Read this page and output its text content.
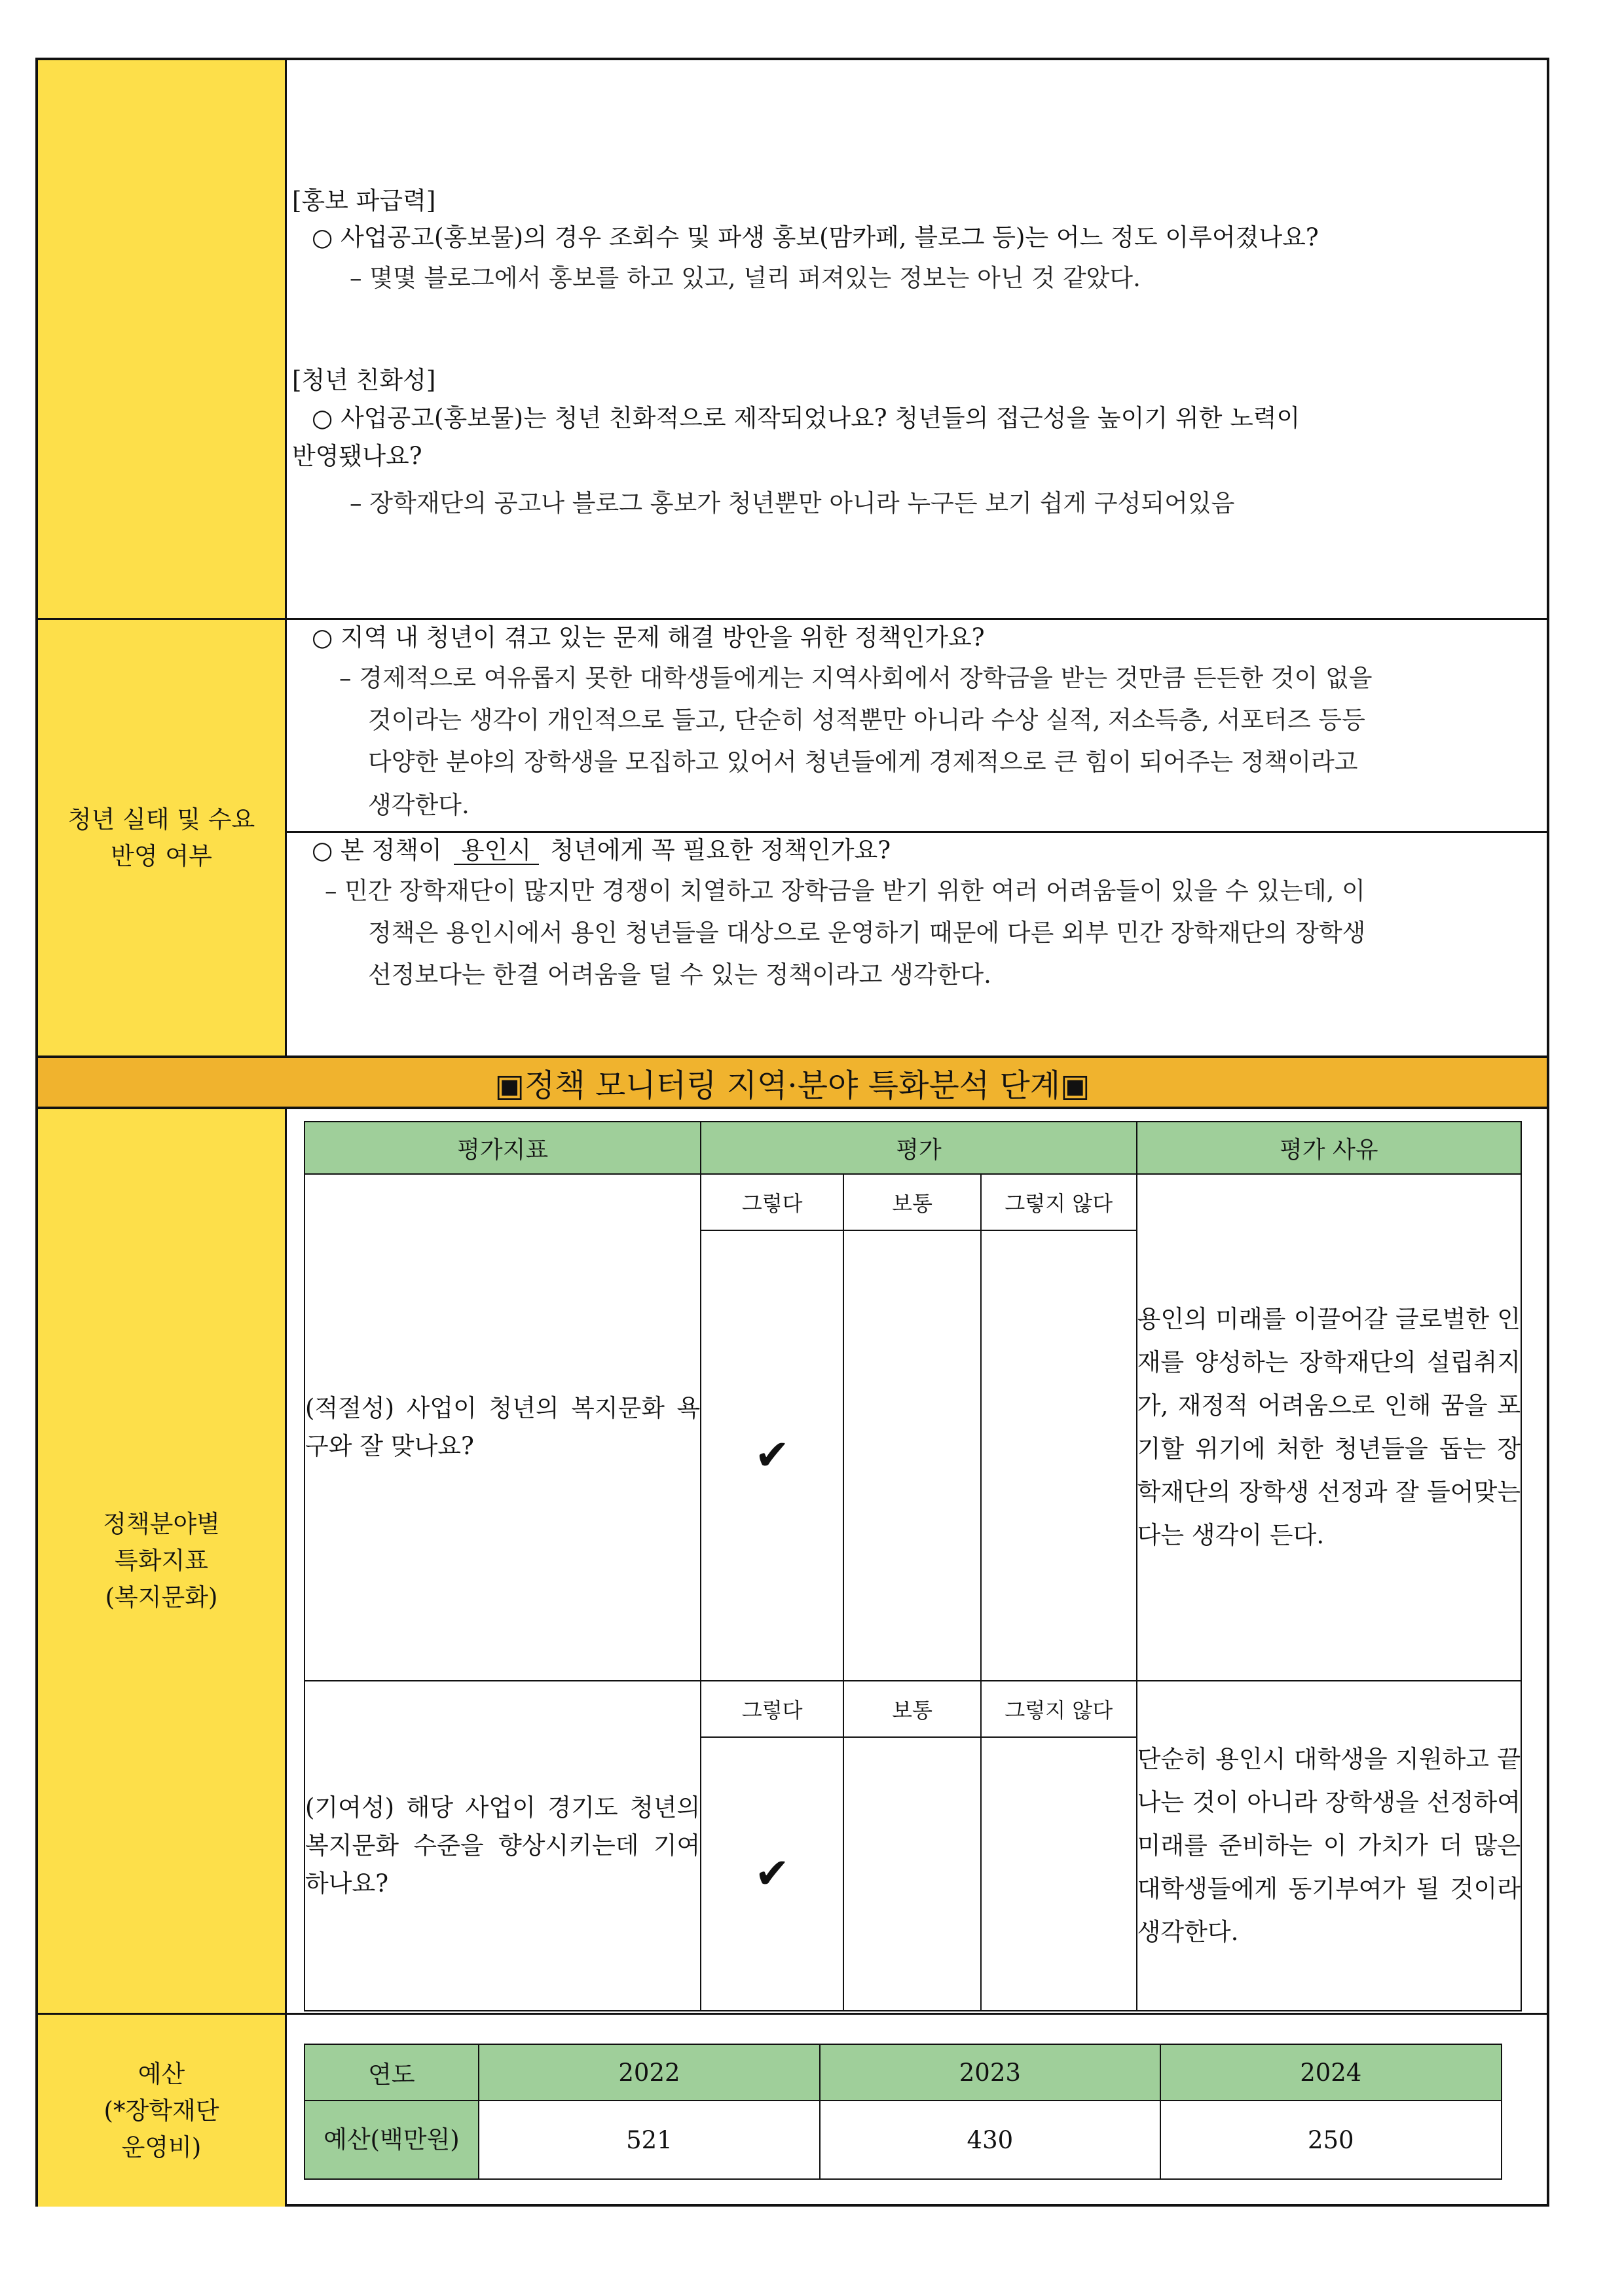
[홍보 파급력]
○ 사업공고(홍보물)의 경우 조회수 및 파생 홍보(맘카페, 블로그 등)는 어느 정도 이루어졌나요?
– 몇몇 블로그에서 홍보를 하고 있고, 널리 퍼져있는 정보는 아닌 것 같았다.
[청년 친화성]
○ 사업공고(홍보물)는 청년 친화적으로 제작되었나요? 청년들의 접근성을 높이기 위한 노력이
반영됐나요?
– 장학재단의 공고나 블로그 홍보가 청년뿐만 아니라 누구든 보기 쉽게 구성되어있음
청년 실태 및 수요
반영 여부
○ 지역 내 청년이 겪고 있는 문제 해결 방안을 위한 정책인가요?
– 경제적으로 여유롭지 못한 대학생들에게는 지역사회에서 장학금을 받는 것만큼 든든한 것이 없을
것이라는 생각이 개인적으로 들고, 단순히 성적뿐만 아니라 수상 실적, 저소득층, 서포터즈 등등
다양한 분야의 장학생을 모집하고 있어서 청년들에게 경제적으로 큰 힘이 되어주는 정책이라고
생각한다.
○ 본 정책이 용인시 청년에게 꼭 필요한 정책인가요?
– 민간 장학재단이 많지만 경쟁이 치열하고 장학금을 받기 위한 여러 어려움들이 있을 수 있는데, 이
정책은 용인시에서 용인 청년들을 대상으로 운영하기 때문에 다른 외부 민간 장학재단의 장학생
선정보다는 한결 어려움을 덜 수 있는 정책이라고 생각한다.
▣정책 모니터링 지역·분야 특화분석 단계▣
정책분야별
특화지표
(복지문화)
평가지표	평가			평가 사유
(적절성) 사업이 청년의 복지문화 욕구와 잘 맞나요?	그렇다	보통	그렇지 않다	용인의 미래를 이끌어갈 글로벌한 인재를 양성하는 장학재단의 설립취지가, 재정적 어려움으로 인해 꿈을 포기할 위기에 처한 청년들을 돕는 장학재단의 장학생 선정과 잘 들어맞는다는 생각이 든다.
	✔			
(기여성) 해당 사업이 경기도 청년의 복지문화 수준을 향상시키는데 기여하나요?	그렇다	보통	그렇지 않다	단순히 용인시 대학생을 지원하고 끝나는 것이 아니라 장학생을 선정하여 미래를 준비하는 이 가치가 더 많은 대학생들에게 동기부여가 될 것이라 생각한다.
	✔			
예산
(*장학재단
운영비)
연도	2022	2023	2024
예산(백만원)	521	430	250
